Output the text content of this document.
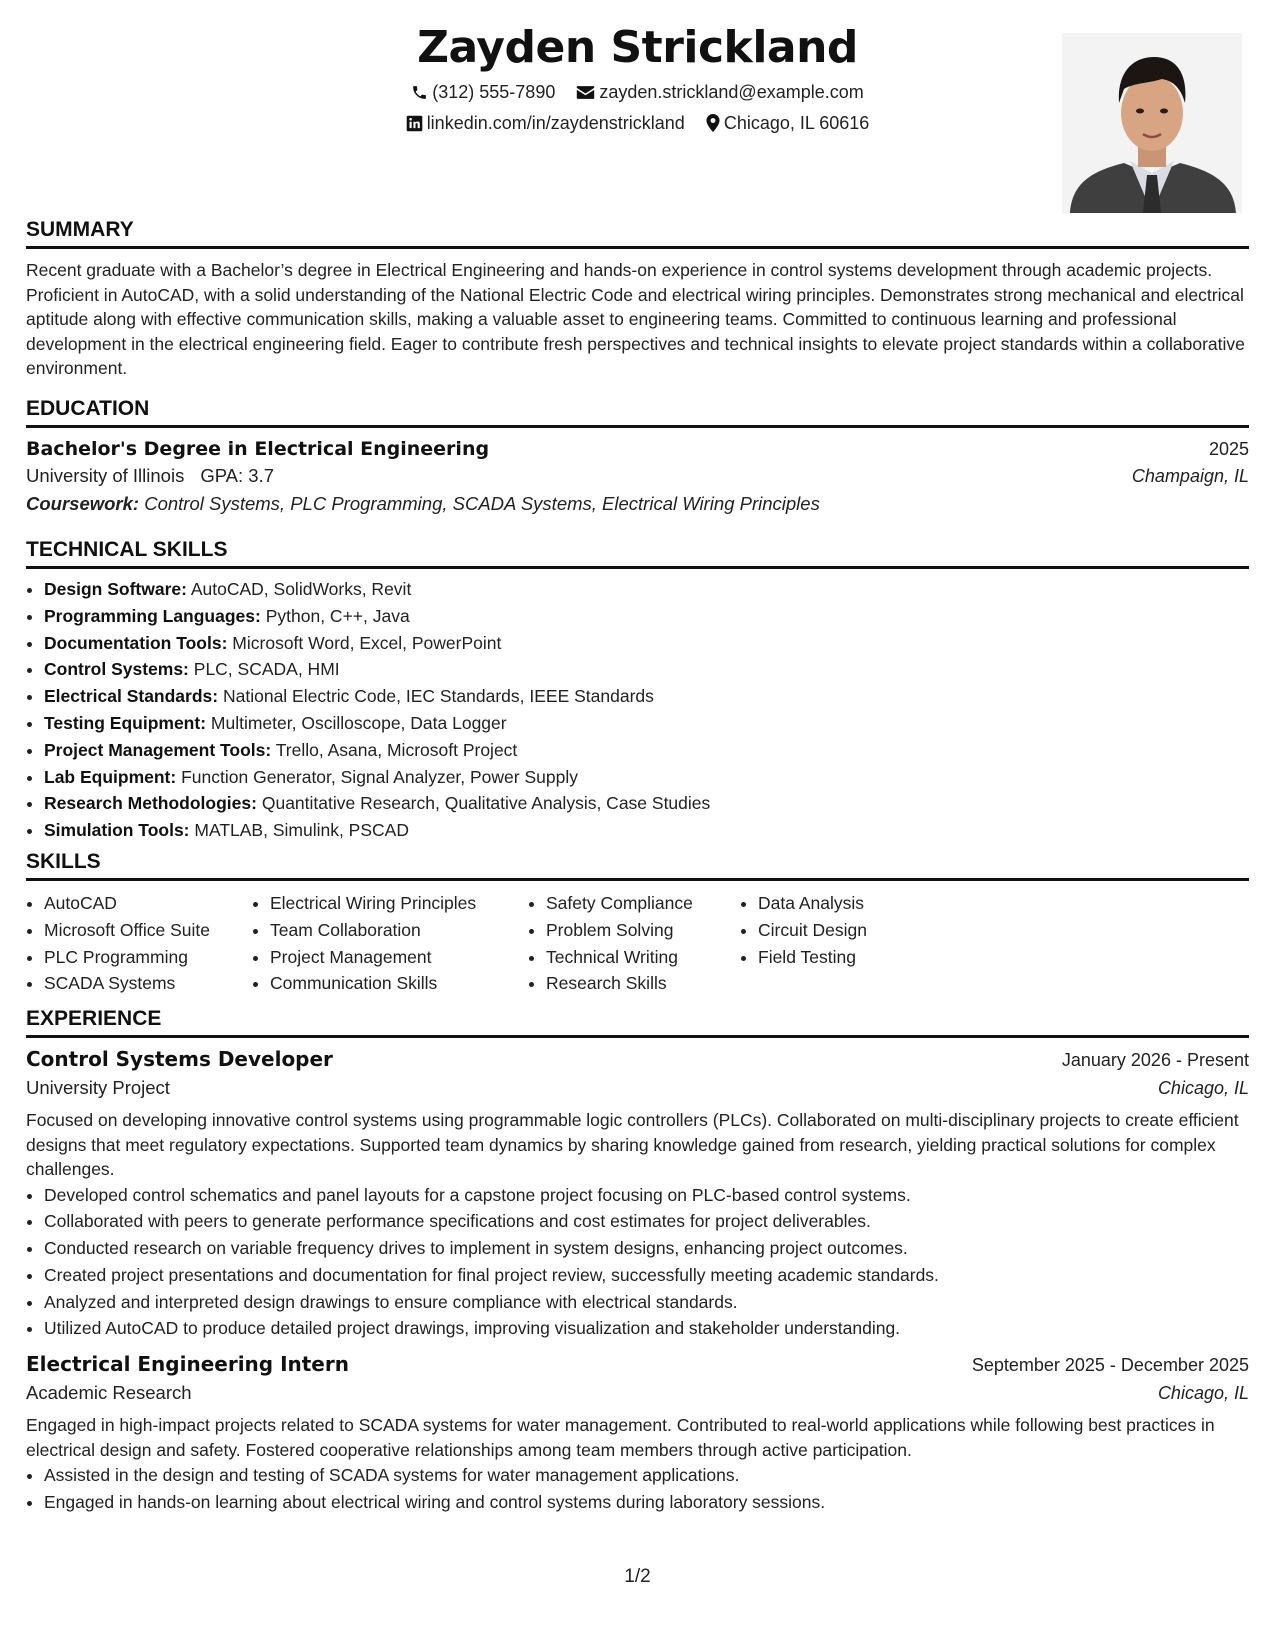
Zayden Strickland
(312) 555-7890 zayden.strickland@example.com
linkedin.com/in/zaydenstrickland Chicago, IL 60616
SUMMARY
Recent graduate with a Bachelor’s degree in Electrical Engineering and hands-on experience in control systems development through academic projects. Proficient in AutoCAD, with a solid understanding of the National Electric Code and electrical wiring principles. Demonstrates strong mechanical and electrical aptitude along with effective communication skills, making a valuable asset to engineering teams. Committed to continuous learning and professional development in the electrical engineering field. Eager to contribute fresh perspectives and technical insights to elevate project standards within a collaborative environment.
EDUCATION
Bachelor's Degree in Electrical Engineering	2025
University of Illinois GPA: 3.7	Champaign, IL
Coursework: Control Systems, PLC Programming, SCADA Systems, Electrical Wiring Principles
TECHNICAL SKILLS
• Design Software: AutoCAD, SolidWorks, Revit
• Programming Languages: Python, C++, Java
• Documentation Tools: Microsoft Word, Excel, PowerPoint
• Control Systems: PLC, SCADA, HMI
• Electrical Standards: National Electric Code, IEC Standards, IEEE Standards
• Testing Equipment: Multimeter, Oscilloscope, Data Logger
• Project Management Tools: Trello, Asana, Microsoft Project
• Lab Equipment: Function Generator, Signal Analyzer, Power Supply
• Research Methodologies: Quantitative Research, Qualitative Analysis, Case Studies
• Simulation Tools: MATLAB, Simulink, PSCAD
SKILLS
• AutoCAD
• Microsoft Office Suite
• PLC Programming
• SCADA Systems
• Electrical Wiring Principles
• Team Collaboration
• Project Management
• Communication Skills
• Safety Compliance
• Problem Solving
• Technical Writing
• Research Skills
• Data Analysis
• Circuit Design
• Field Testing
EXPERIENCE
Control Systems Developer	January 2026 - Present
University Project	Chicago, IL
Focused on developing innovative control systems using programmable logic controllers (PLCs). Collaborated on multi-disciplinary projects to create efficient designs that meet regulatory expectations. Supported team dynamics by sharing knowledge gained from research, yielding practical solutions for complex challenges.
• Developed control schematics and panel layouts for a capstone project focusing on PLC-based control systems.
• Collaborated with peers to generate performance specifications and cost estimates for project deliverables.
• Conducted research on variable frequency drives to implement in system designs, enhancing project outcomes.
• Created project presentations and documentation for final project review, successfully meeting academic standards.
• Analyzed and interpreted design drawings to ensure compliance with electrical standards.
• Utilized AutoCAD to produce detailed project drawings, improving visualization and stakeholder understanding.
Electrical Engineering Intern	September 2025 - December 2025
Academic Research	Chicago, IL
Engaged in high-impact projects related to SCADA systems for water management. Contributed to real-world applications while following best practices in electrical design and safety. Fostered cooperative relationships among team members through active participation.
• Assisted in the design and testing of SCADA systems for water management applications.
• Engaged in hands-on learning about electrical wiring and control systems during laboratory sessions.
1/2
